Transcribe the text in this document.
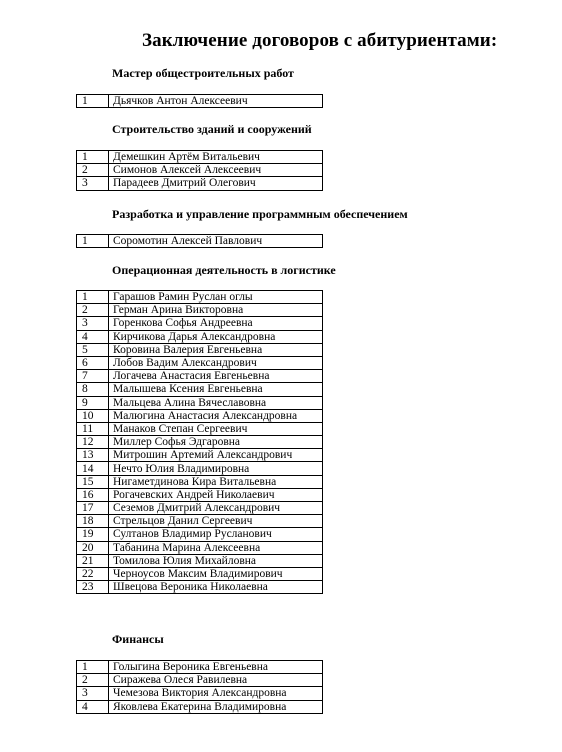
Заключение договоров с абитуриентами:
Мастер общестроительных работ
1	Дьячков Антон Алексеевич
Строительство зданий и сооружений
1	Демешкин Артём Витальевич
2	Симонов Алексей Алексеевич
3	Парадеев Дмитрий Олегович
Разработка и управление программным обеспечением
1	Соромотин Алексей Павлович
Операционная деятельность в логистике
1	Гарашов Рамин Руслан оглы
2	Герман Арина Викторовна
3	Горенкова Софья Андреевна
4	Кирчикова Дарья Александровна
5	Коровина Валерия Евгеньевна
6	Лобов Вадим Александрович
7	Логачева Анастасия Евгеньевна
8	Малышева Ксения Евгеньевна
9	Мальцева Алина Вячеславовна
10	Малюгина Анастасия Александровна
11	Манаков Степан Сергеевич
12	Миллер Софья Эдгаровна
13	Митрошин Артемий Александрович
14	Нечто Юлия Владимировна
15	Нигаметдинова Кира Витальевна
16	Рогачевских Андрей Николаевич
17	Сеземов Дмитрий Александрович
18	Стрельцов Данил Сергеевич
19	Султанов Владимир Русланович
20	Табанина Марина Алексеевна
21	Томилова Юлия Михайловна
22	Черноусов Максим Владимирович
23	Швецова Вероника Николаевна
Финансы
1	Голыгина Вероника Евгеньевна
2	Сиражева Олеся Равилевна
3	Чемезова Виктория Александровна
4	Яковлева Екатерина Владимировна
